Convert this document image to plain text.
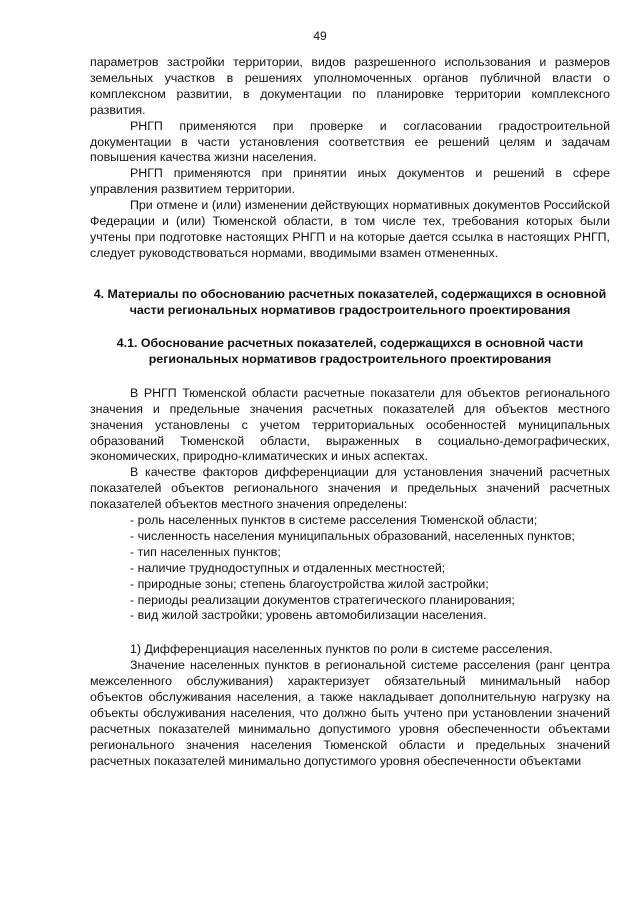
49

параметров застройки территории, видов разрешенного использования и размеров земельных участков в решениях уполномоченных органов публичной власти о комплексном развитии, в документации по планировке территории комплексного развития.

РНГП применяются при проверке и согласовании градостроительной документации в части установления соответствия ее решений целям и задачам повышения качества жизни населения.

РНГП применяются при принятии иных документов и решений в сфере управления развитием территории.

При отмене и (или) изменении действующих нормативных документов Российской Федерации и (или) Тюменской области, в том числе тех, требования которых были учтены при подготовке настоящих РНГП и на которые дается ссылка в настоящих РНГП, следует руководствоваться нормами, вводимыми взамен отмененных.

4. Материалы по обоснованию расчетных показателей, содержащихся в основной части региональных нормативов градостроительного проектирования

4.1. Обоснование расчетных показателей, содержащихся в основной части региональных нормативов градостроительного проектирования

В РНГП Тюменской области расчетные показатели для объектов регионального значения и предельные значения расчетных показателей для объектов местного значения установлены с учетом территориальных особенностей муниципальных образований Тюменской области, выраженных в социально-демографических, экономических, природно-климатических и иных аспектах.

В качестве факторов дифференциации для установления значений расчетных показателей объектов регионального значения и предельных значений расчетных показателей объектов местного значения определены:

- роль населенных пунктов в системе расселения Тюменской области;

- численность населения муниципальных образований, населенных пунктов;

- тип населенных пунктов;

- наличие труднодоступных и отдаленных местностей;

- природные зоны; степень благоустройства жилой застройки;

- периоды реализации документов стратегического планирования;

- вид жилой застройки; уровень автомобилизации населения.

1) Дифференциация населенных пунктов по роли в системе расселения.

Значение населенных пунктов в региональной системе расселения (ранг центра межселенного обслуживания) характеризует обязательный минимальный набор объектов обслуживания населения, а также накладывает дополнительную нагрузку на объекты обслуживания населения, что должно быть учтено при установлении значений расчетных показателей минимально допустимого уровня обеспеченности объектами регионального значения населения Тюменской области и предельных значений расчетных показателей минимально допустимого уровня обеспеченности объектами
